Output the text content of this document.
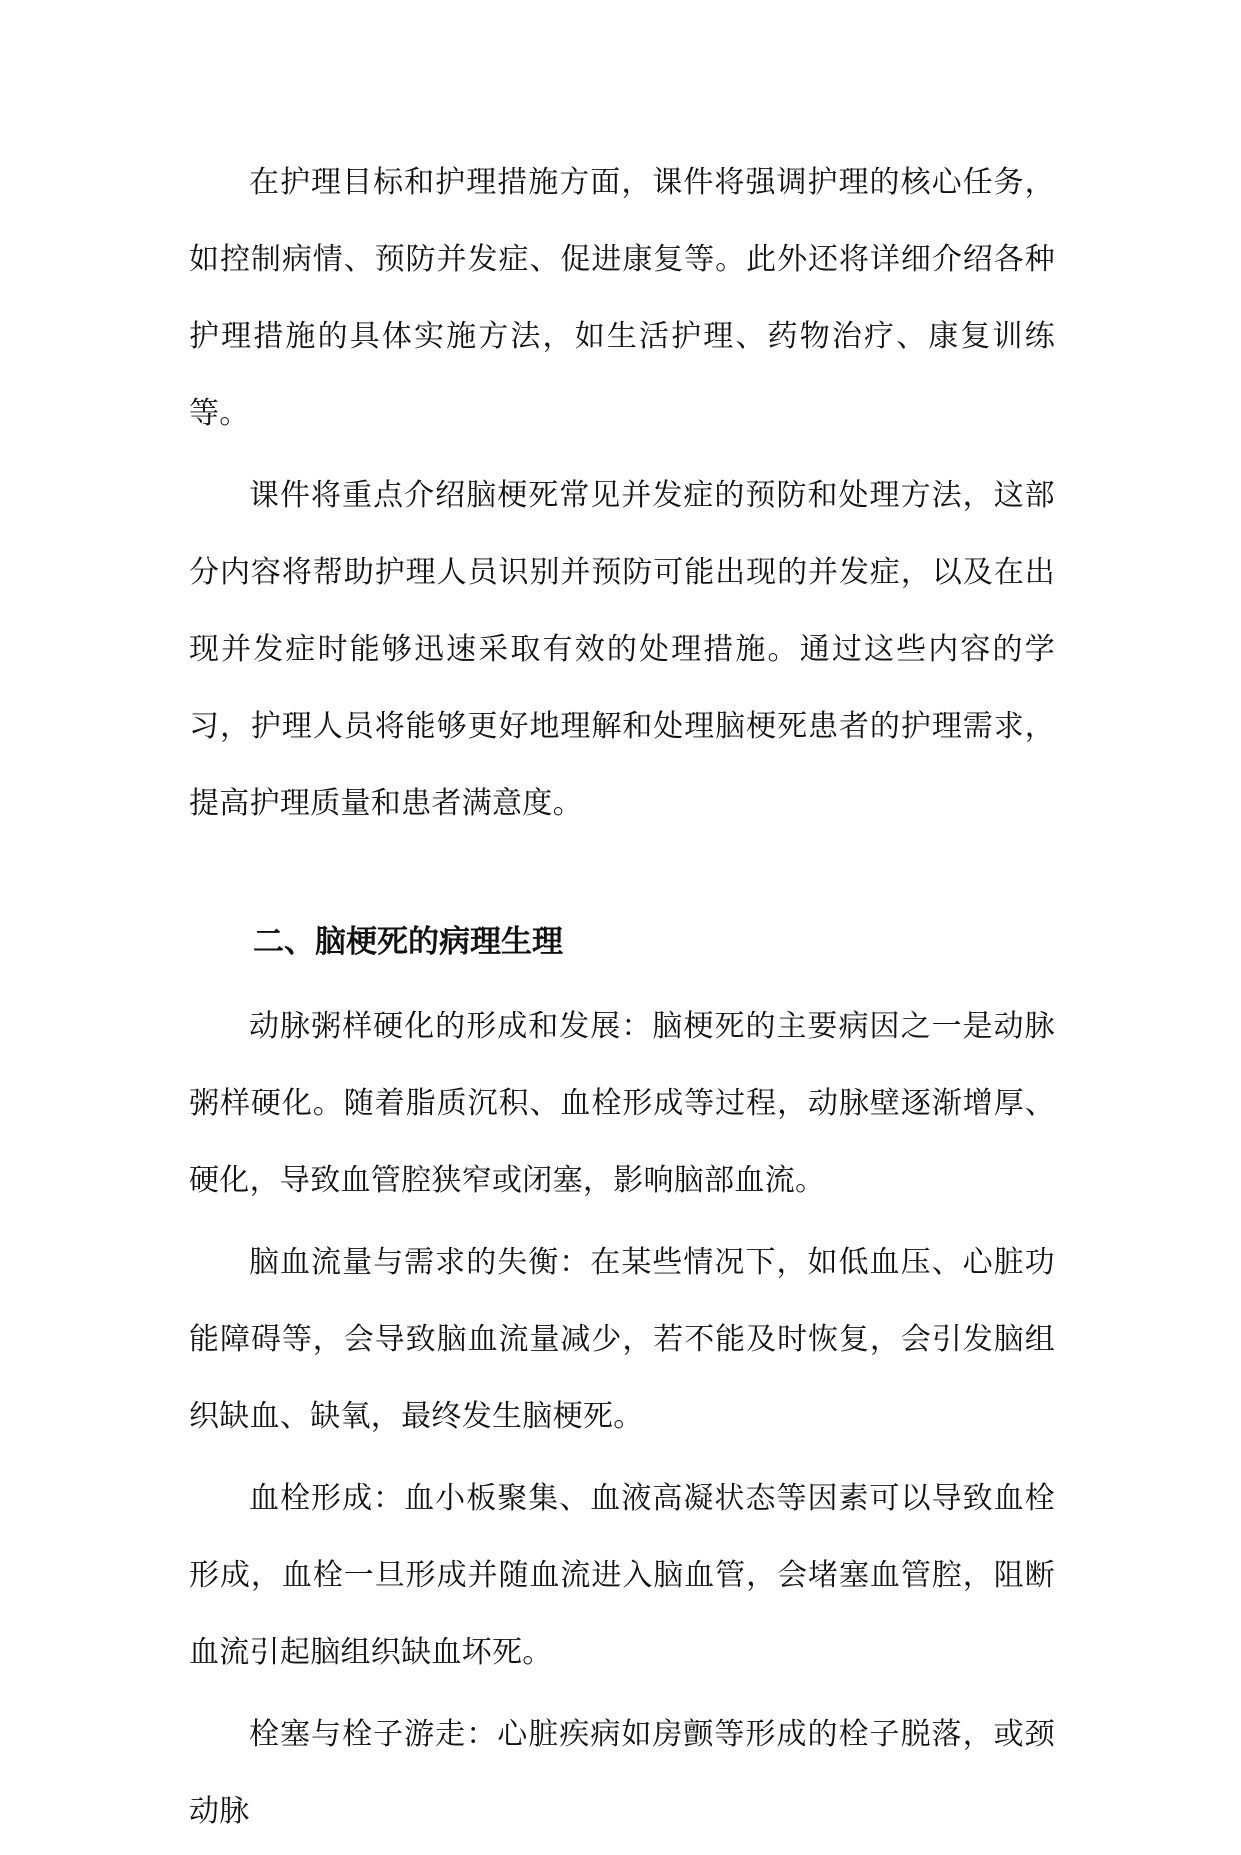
在护理目标和护理措施方面，课件将强调护理的核心任务，如控制病情、预防并发症、促进康复等。此外还将详细介绍各种护理措施的具体实施方法，如生活护理、药物治疗、康复训练等。

课件将重点介绍脑梗死常见并发症的预防和处理方法，这部分内容将帮助护理人员识别并预防可能出现的并发症，以及在出现并发症时能够迅速采取有效的处理措施。通过这些内容的学习，护理人员将能够更好地理解和处理脑梗死患者的护理需求，提高护理质量和患者满意度。

二、脑梗死的病理生理

动脉粥样硬化的形成和发展：脑梗死的主要病因之一是动脉粥样硬化。随着脂质沉积、血栓形成等过程，动脉壁逐渐增厚、硬化，导致血管腔狭窄或闭塞，影响脑部血流。

脑血流量与需求的失衡：在某些情况下，如低血压、心脏功能障碍等，会导致脑血流量减少，若不能及时恢复，会引发脑组织缺血、缺氧，最终发生脑梗死。

血栓形成：血小板聚集、血液高凝状态等因素可以导致血栓形成，血栓一旦形成并随血流进入脑血管，会堵塞血管腔，阻断血流引起脑组织缺血坏死。

栓塞与栓子游走：心脏疾病如房颤等形成的栓子脱落，或颈动脉
